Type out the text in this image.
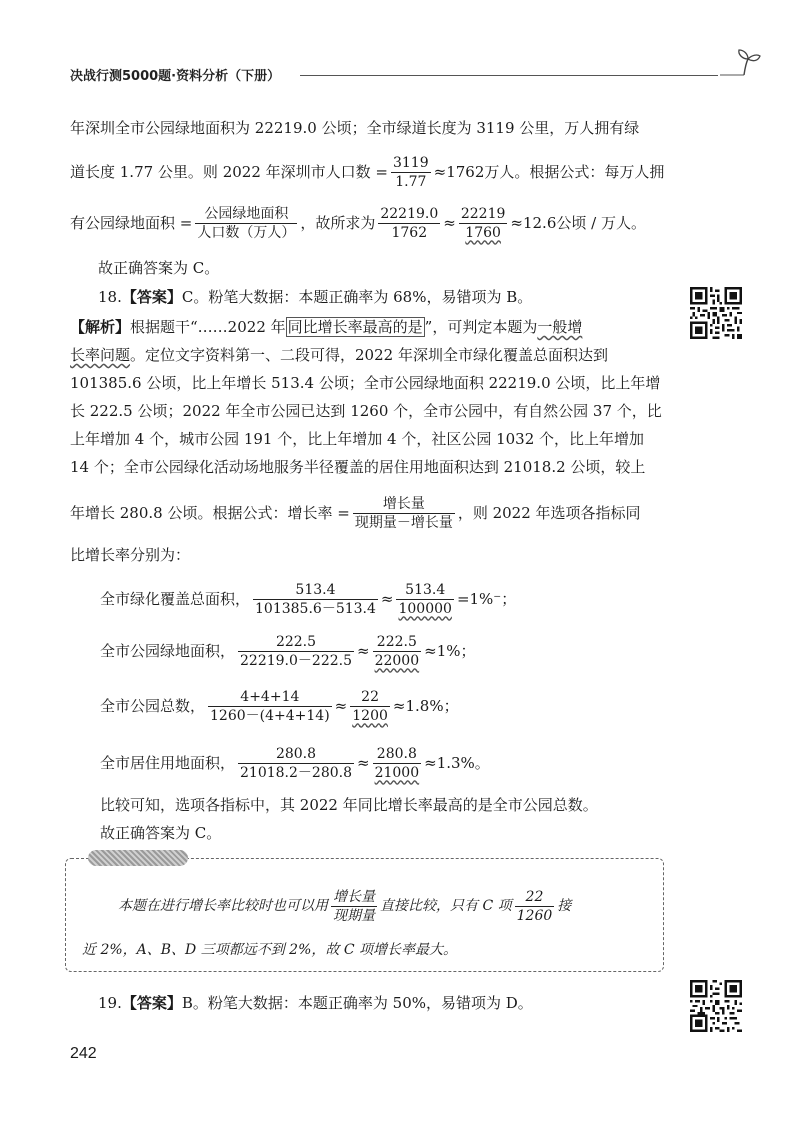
决战行测5000题·资料分析（下册）
年深圳全市公园绿地面积为 22219.0 公顷；全市绿道长度为 3119 公里，万人拥有绿
道长度 1.77 公里。则 2022 年深圳市人口数 = $\frac{3119}{1.77} \approx 1762$万人。根据公式：每万人拥
有公园绿地面积 = $\frac{\text{公园绿地面积}}{\text{人口数（万人）}}$ ，故所求为 $\frac{22219.0}{1762} \approx \frac{22219}{1760} \approx 12.6$公顷 / 万人。
故正确答案为 C。
18.【答案】C。粉笔大数据：本题正确率为 68%，易错项为 B。
【解析】根据题干“……2022 年 同比增长率最高的是 ”，可判定本题为一般增
长率问题。定位文字资料第一、二段可得，2022 年深圳全市绿化覆盖总面积达到
101385.6 公顷，比上年增长 513.4 公顷；全市公园绿地面积 22219.0 公顷，比上年增
长 222.5 公顷；2022 年全市公园已达到 1260 个，全市公园中，有自然公园 37 个，比
上年增加 4 个，城市公园 191 个，比上年增加 4 个，社区公园 1032 个，比上年增加
14 个；全市公园绿化活动场地服务半径覆盖的居住用地面积达到 21018.2 公顷，较上
年增长 280.8 公顷。根据公式：增长率 = $\frac{\text{增长量}}{\text{现期量－增长量}}$ ，则 2022 年选项各指标同
比增长率分别为：
全市绿化覆盖总面积， $\frac{513.4}{101385.6-513.4} \approx \frac{513.4}{100000} =1\%^-$；
全市公园绿地面积， $\frac{222.5}{22219.0-222.5} \approx \frac{222.5}{22000} \approx 1\%$；
全市公园总数， $\frac{4+4+14}{1260-(4+4+14)} \approx \frac{22}{1200} \approx 1.8\%$；
全市居住用地面积， $\frac{280.8}{21018.2-280.8} \approx \frac{280.8}{21000} \approx 1.3\%$。
比较可知，选项各指标中，其 2022 年同比增长率最高的是全市公园总数。
故正确答案为 C。
本题在进行增长率比较时也可以用 $\frac{\text{增长量}}{\text{现期量}}$ 直接比较，只有 C 项 $\frac{22}{1260}$ 接
近 2%，A、B、D 三项都远不到 2%，故 C 项增长率最大。
19.【答案】B。粉笔大数据：本题正确率为 50%，易错项为 D。
242
